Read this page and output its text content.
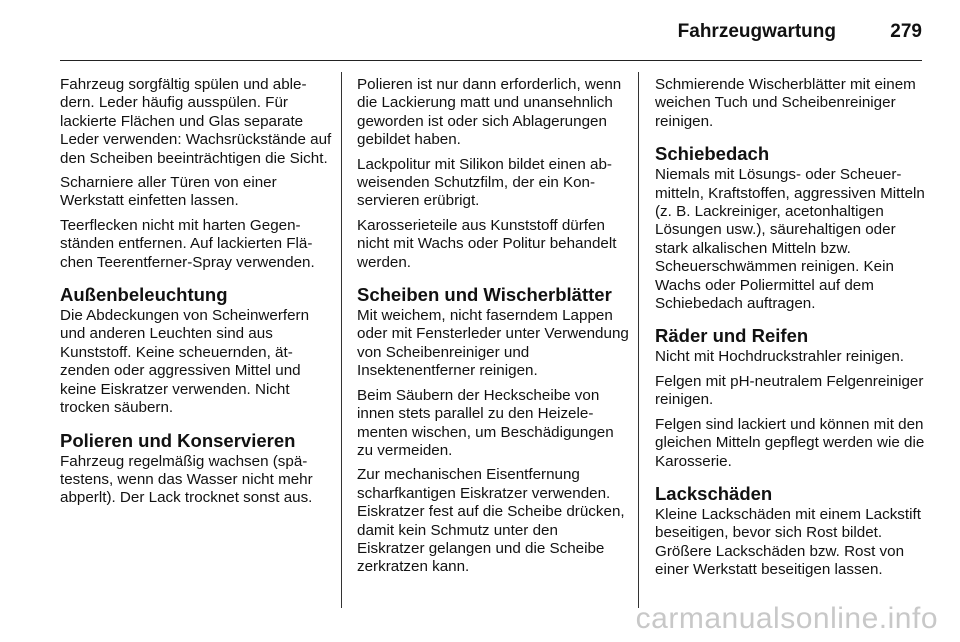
Fahrzeugwartung	279

Fahrzeug sorgfältig spülen und abledern. Leder häufig ausspülen. Für lackierte Flächen und Glas separate Leder verwenden: Wachsrückstände auf den Scheiben beeinträchtigen die Sicht.

Scharniere aller Türen von einer Werkstatt einfetten lassen.

Teerflecken nicht mit harten Gegenständen entfernen. Auf lackierten Flächen Teerentferner-Spray verwenden.

Außenbeleuchtung

Die Abdeckungen von Scheinwerfern und anderen Leuchten sind aus Kunststoff. Keine scheuernden, ätzenden oder aggressiven Mittel und keine Eiskratzer verwenden. Nicht trocken säubern.

Polieren und Konservieren

Fahrzeug regelmäßig wachsen (spätestens, wenn das Wasser nicht mehr abperlt). Der Lack trocknet sonst aus.

Polieren ist nur dann erforderlich, wenn die Lackierung matt und unansehnlich geworden ist oder sich Ablagerungen gebildet haben.

Lackpolitur mit Silikon bildet einen abweisenden Schutzfilm, der ein Konservieren erübrigt.

Karosserieteile aus Kunststoff dürfen nicht mit Wachs oder Politur behandelt werden.

Scheiben und Wischerblätter

Mit weichem, nicht faserndem Lappen oder mit Fensterleder unter Verwendung von Scheibenreiniger und Insektenentferner reinigen.

Beim Säubern der Heckscheibe von innen stets parallel zu den Heizelementen wischen, um Beschädigungen zu vermeiden.

Zur mechanischen Eisentfernung scharfkantigen Eiskratzer verwenden. Eiskratzer fest auf die Scheibe drücken, damit kein Schmutz unter den Eiskratzer gelangen und die Scheibe zerkratzen kann.

Schmierende Wischerblätter mit einem weichen Tuch und Scheibenreiniger reinigen.

Schiebedach

Niemals mit Lösungs- oder Scheuermitteln, Kraftstoffen, aggressiven Mitteln (z. B. Lackreiniger, acetonhaltigen Lösungen usw.), säurehaltigen oder stark alkalischen Mitteln bzw. Scheuerschwämmen reinigen. Kein Wachs oder Poliermittel auf dem Schiebedach auftragen.

Räder und Reifen

Nicht mit Hochdruckstrahler reinigen.

Felgen mit pH-neutralem Felgenreiniger reinigen.

Felgen sind lackiert und können mit den gleichen Mitteln gepflegt werden wie die Karosserie.

Lackschäden

Kleine Lackschäden mit einem Lackstift beseitigen, bevor sich Rost bildet. Größere Lackschäden bzw. Rost von einer Werkstatt beseitigen lassen.

carmanualsonline.info
